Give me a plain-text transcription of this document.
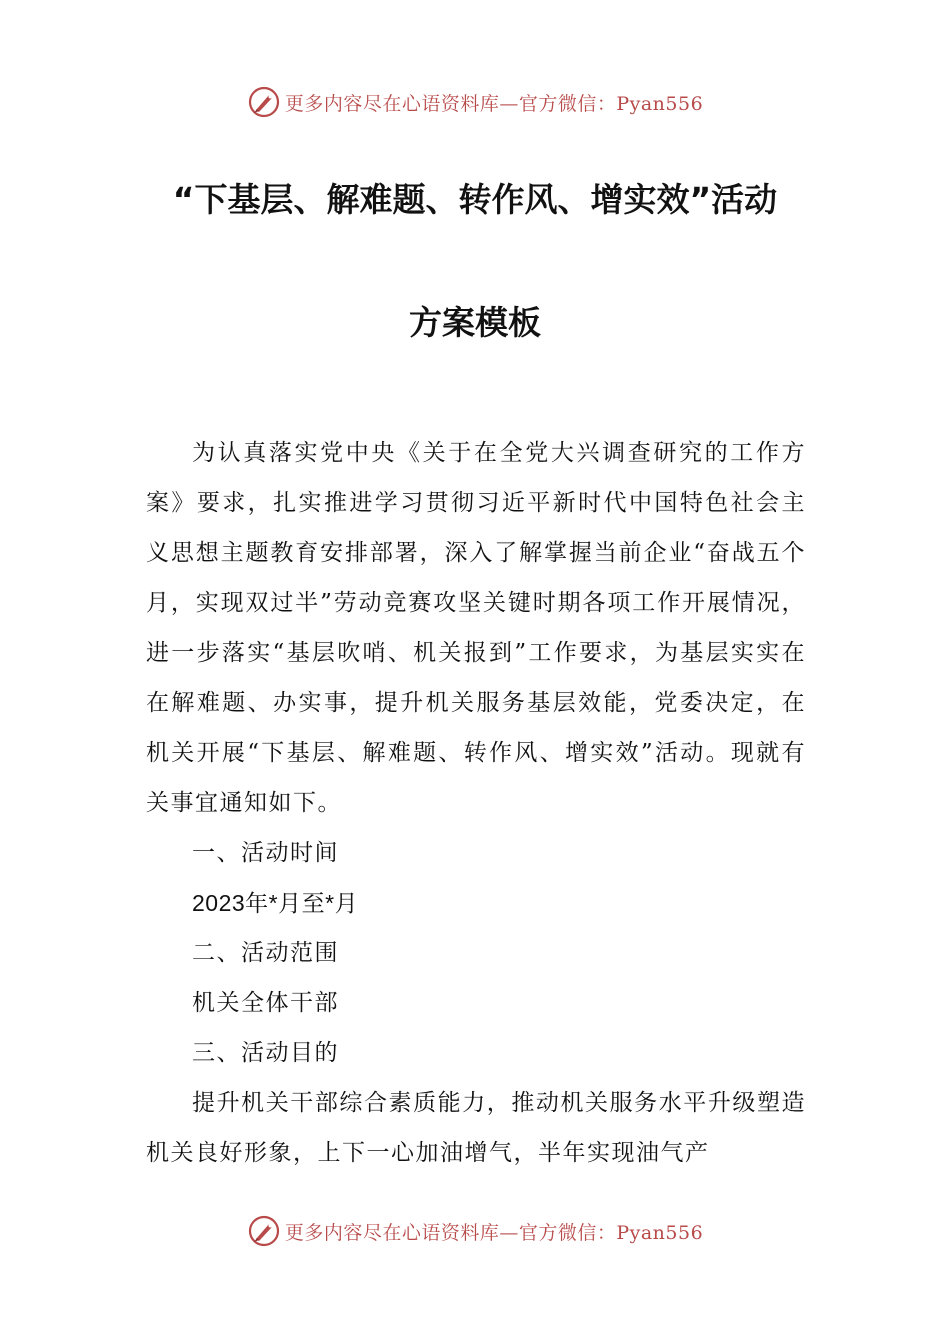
更多内容尽在心语资料库—官方微信：Pyan556
“下基层、解难题、转作风、增实效”活动
方案模板

为认真落实党中央《关于在全党大兴调查研究的工作方案》要求，扎实推进学习贯彻习近平新时代中国特色社会主义思想主题教育安排部署，深入了解掌握当前企业“奋战五个月，实现双过半”劳动竞赛攻坚关键时期各项工作开展情况，进一步落实“基层吹哨、机关报到”工作要求，为基层实实在在解难题、办实事，提升机关服务基层效能，党委决定，在机关开展“下基层、解难题、转作风、增实效”活动。现就有关事宜通知如下。

一、活动时间

2023年*月至*月

二、活动范围

机关全体干部

三、活动目的

提升机关干部综合素质能力，推动机关服务水平升级塑造机关良好形象，上下一心加油增气，半年实现油气产

更多内容尽在心语资料库—官方微信：Pyan556
